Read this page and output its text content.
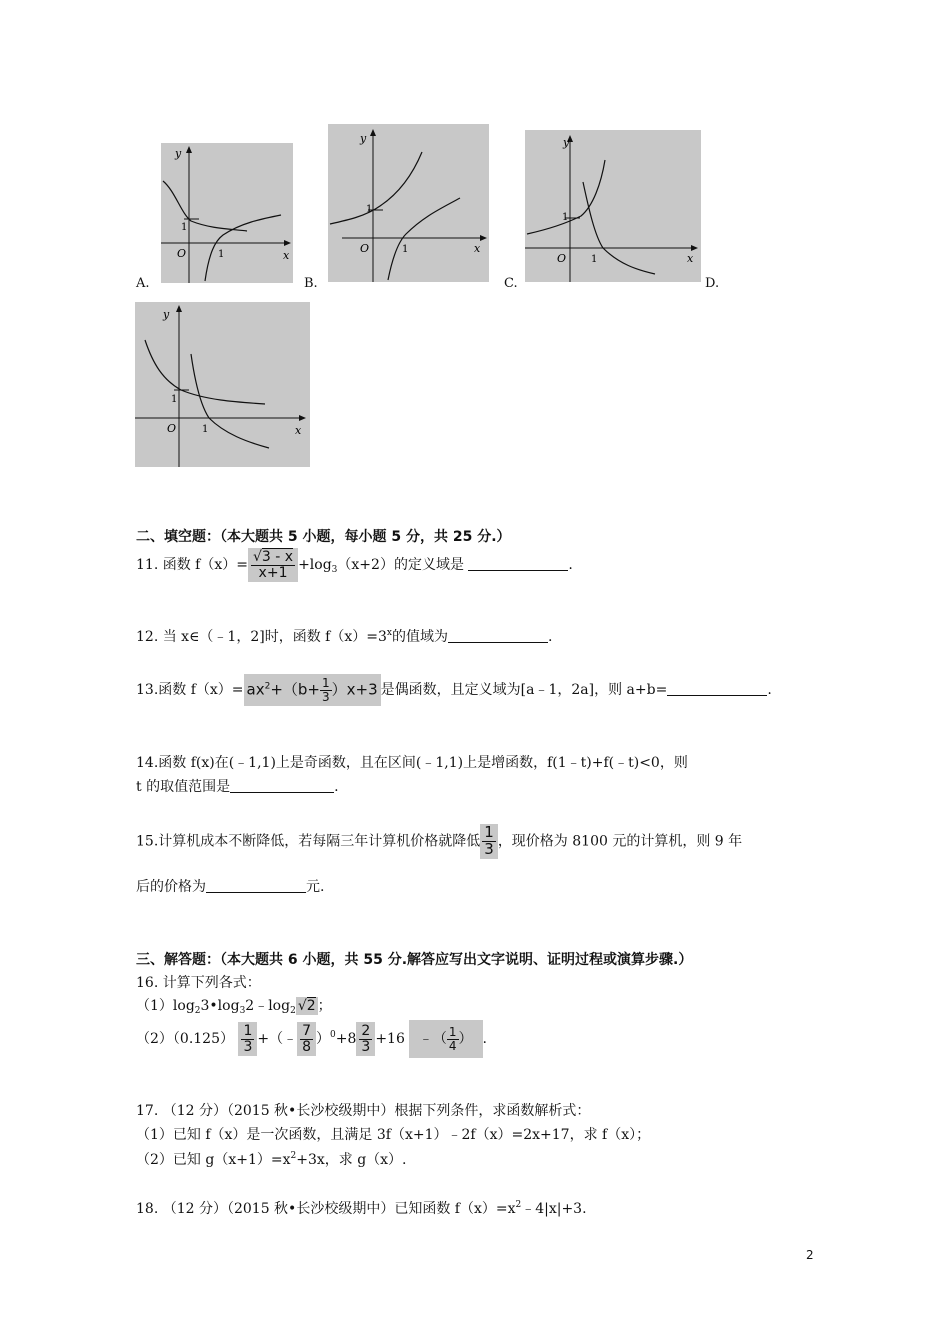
y
x
O
1
1
A.
y
x
O
1
1
B.
y
x
O
1
1
C.	D.
y
x
O
1
1
二、填空题：（本大题共 5 小题，每小题 5 分，共 25 分.）
11. 函数 $f(x)= \frac{√3 - x}{x+1} +\log_3(x+2)$的定义域是	.
12. 当 x∈（﹣1，2]时，函数 $f(x)=3^x$的值域为	.
13.函数 $f(x)= ax^2+(b+ \frac{1}{3} )x+3$ 是偶函数，且定义域为[a﹣1，2a]，则 a+b=	.
14.函数 f(x)在(﹣1,1)上是奇函数，且在区间(﹣1,1)上是增函数，f(1﹣t)+f(﹣t)<0，则
t 的取值范围是	.
15.计算机成本不断降低，若每隔三年计算机价格就降低 $\frac{1}{3}$ ，现价格为 8100 元的计算机，则 9 年
后的价格为	元.
三、解答题：（本大题共 6 小题，共 55 分.解答应写出文字说明、证明过程或演算步骤.）
16. 计算下列各式：
$(1)\log_23•\log_32﹣\log_2$ √2 ；
$(2)(0.125) \frac{1}{3}$ +（﹣ $\frac{7}{8} )^0+8 \frac{2}{3} +16$ ﹣（ $\frac{1}{4}$ ） .
17. （12 分）（2015 秋•长沙校级期中）根据下列条件，求函数解析式：
（1）已知 f（x）是一次函数，且满足 3f（x+1）﹣2f（x）=2x+17，求 f（x）；
（2）已知 $g(x+1)=x^2+3x$，求 g（x）.
18. （12 分）（2015 秋•长沙校级期中）已知函数 $f(x)=x^2﹣4|x|+3$.
2
